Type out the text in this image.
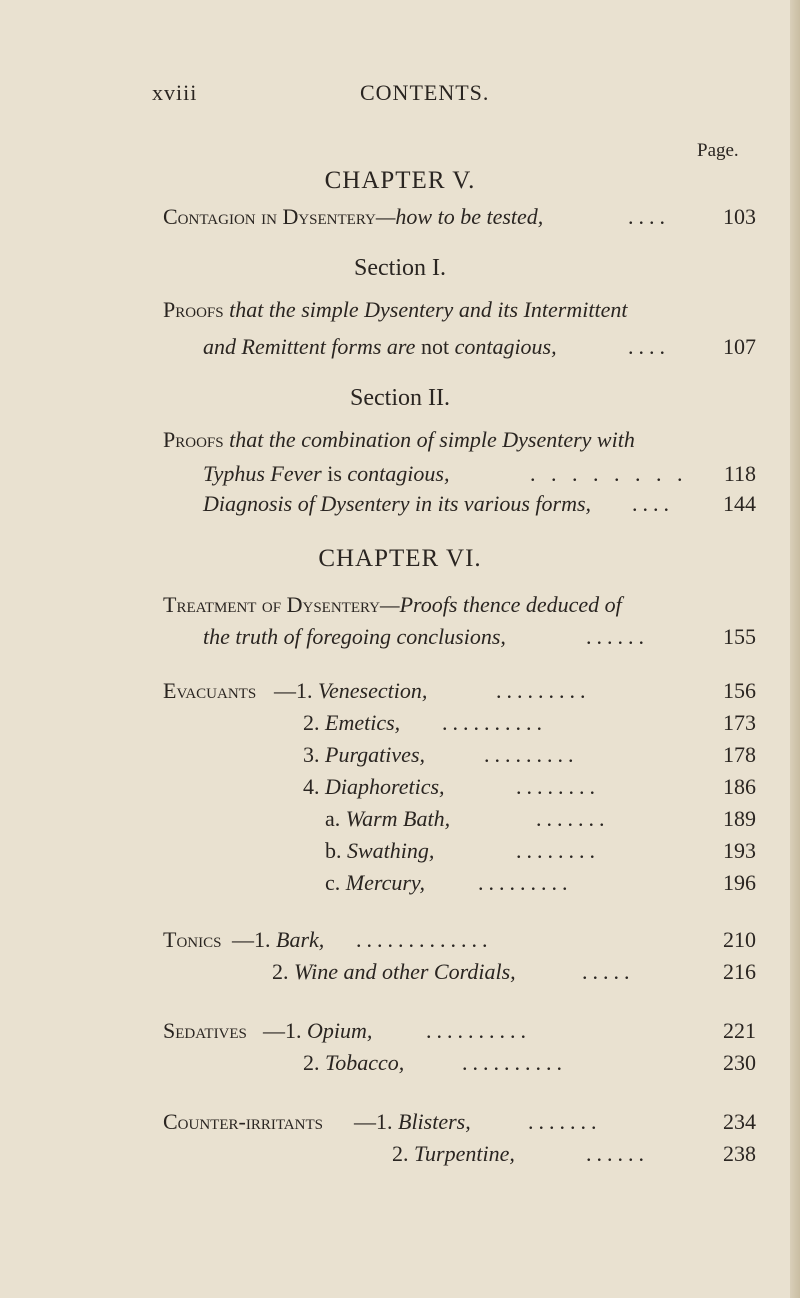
xviii	CONTENTS.
Page.
CHAPTER V.
Contagion in Dysentery—how to be tested,	....	103
Section I.
Proofs that the simple Dysentery and its Intermittent
and Remittent forms are not contagious,	....	107
Section II.
Proofs that the combination of simple Dysentery with
Typhus Fever is contagious,	. . . . . . . .	118
Diagnosis of Dysentery in its various forms, ....	144
CHAPTER VI.
Treatment of Dysentery—Proofs thence deduced of
the truth of foregoing conclusions,	......	155
Evacuants —1. Venesection,	.........	156
2. Emetics, ..........	173
3. Purgatives,	.........	178
4. Diaphoretics,	........	186
a. Warm Bath,	.......	189
b. Swathing,	........	193
c. Mercury, .........	196
Tonics —1. Bark, .............	210
2. Wine and other Cordials,	.....	216
Sedatives —1. Opium, ..........	221
2. Tobacco,	..........	230
Counter-irritants —1. Blisters,	.......	234
2. Turpentine,	......	238
